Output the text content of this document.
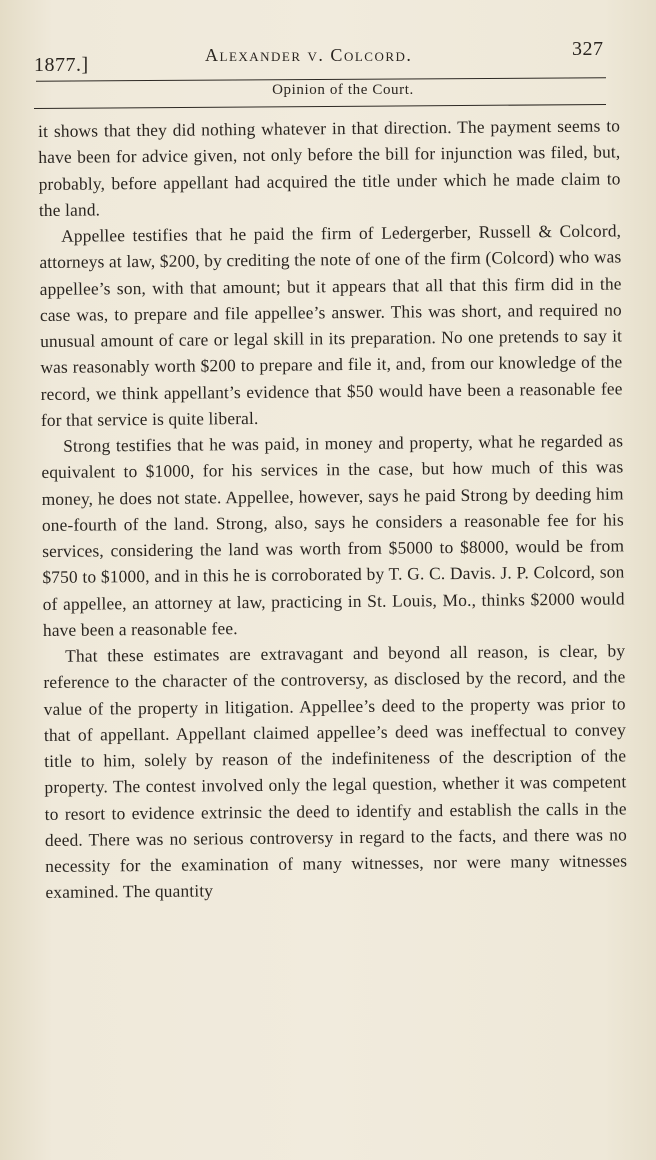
1877.]	Alexander v. Colcord.	327
Opinion of the Court.

it shows that they did nothing whatever in that direction. The payment seems to have been for advice given, not only before the bill for injunction was filed, but, probably, before appellant had acquired the title under which he made claim to the land.

Appellee testifies that he paid the firm of Ledergerber, Russell & Colcord, attorneys at law, $200, by crediting the note of one of the firm (Colcord) who was appellee’s son, with that amount; but it appears that all that this firm did in the case was, to prepare and file appellee’s answer. This was short, and required no unusual amount of care or legal skill in its preparation. No one pretends to say it was reasonably worth $200 to prepare and file it, and, from our knowledge of the record, we think appellant’s evidence that $50 would have been a reasonable fee for that service is quite liberal.

Strong testifies that he was paid, in money and property, what he regarded as equivalent to $1000, for his services in the case, but how much of this was money, he does not state. Appellee, however, says he paid Strong by deeding him one-fourth of the land. Strong, also, says he considers a reasonable fee for his services, considering the land was worth from $5000 to $8000, would be from $750 to $1000, and in this he is corroborated by T. G. C. Davis. J. P. Colcord, son of appellee, an attorney at law, practicing in St. Louis, Mo., thinks $2000 would have been a reasonable fee.

That these estimates are extravagant and beyond all reason, is clear, by reference to the character of the controversy, as disclosed by the record, and the value of the property in litigation. Appellee’s deed to the property was prior to that of appellant. Appellant claimed appellee’s deed was ineffectual to convey title to him, solely by reason of the indefiniteness of the description of the property. The contest involved only the legal question, whether it was competent to resort to evidence extrinsic the deed to identify and establish the calls in the deed. There was no serious controversy in regard to the facts, and there was no necessity for the examination of many witnesses, nor were many witnesses examined. The quantity
